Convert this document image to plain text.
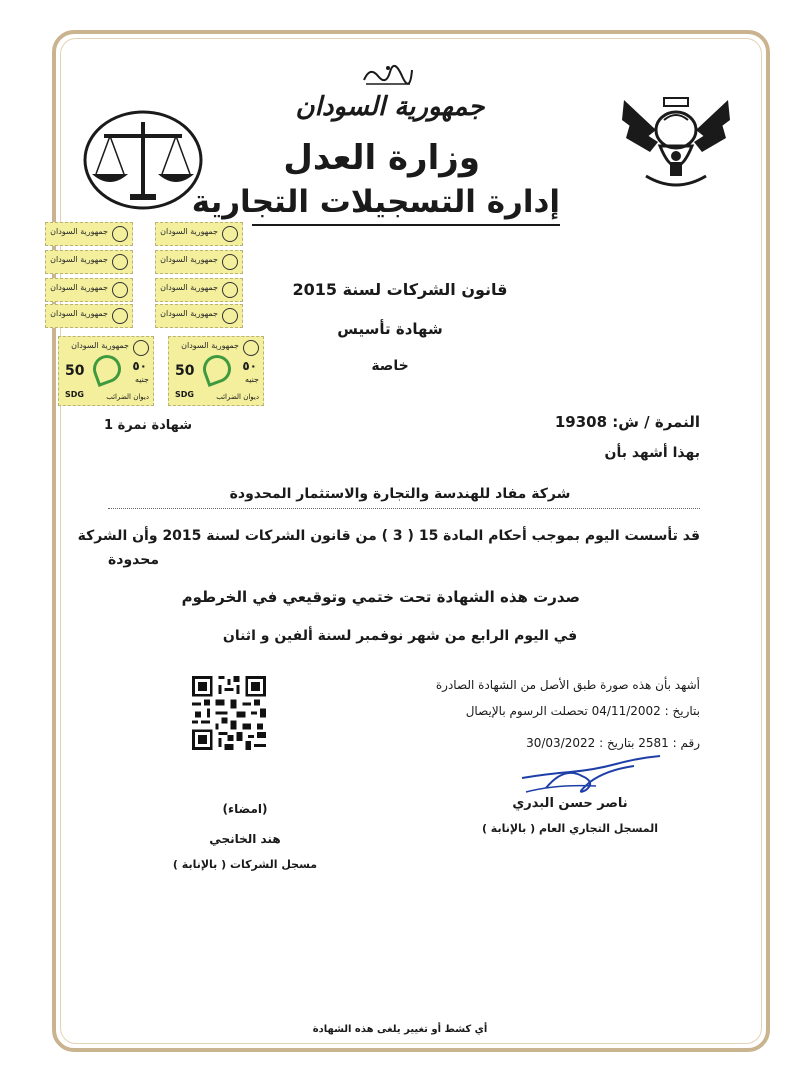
جمهورية السودان
وزارة العدل
إدارة التسجيلات التجارية
جمهورية السودان	جمهورية السودان
جمهورية السودان	جمهورية السودان
جمهورية السودان	جمهورية السودان
جمهورية السودان	جمهورية السودان
جمهورية السودان
50	٥٠
جنيه
SDG	ديوان الضرائب
جمهورية السودان
50	٥٠
جنيه
SDG	ديوان الضرائب
قانون الشركات لسنة 2015
شهادة تأسيس
خاصة
النمرة / ش: 19308
شهادة نمرة 1
بهذا أشهد بأن
شركة مفاد للهندسة والتجارة والاستثمار المحدودة
قد تأسست اليوم بموجب أحكام المادة 15 ( 3 ) من قانون الشركات لسنة 2015 وأن الشركة
محدودة
صدرت هذه الشهادة تحت ختمي وتوقيعي في الخرطوم
في اليوم الرابع من شهر نوفمبر لسنة ألفين و اثنان
أشهد بأن هذه صورة طبق الأصل من الشهادة الصادرة
بتاريخ : 04/11/2002 تحصلت الرسوم بالإيصال
رقم : 2581 بتاريخ : 30/03/2022
ناصر حسن البدري
المسجل التجاري العام ( بالإنابة )
(امضاء)
هند الخانجي
مسجل الشركات ( بالإنابة )
أي كشط أو تغيير يلغى هذه الشهادة
